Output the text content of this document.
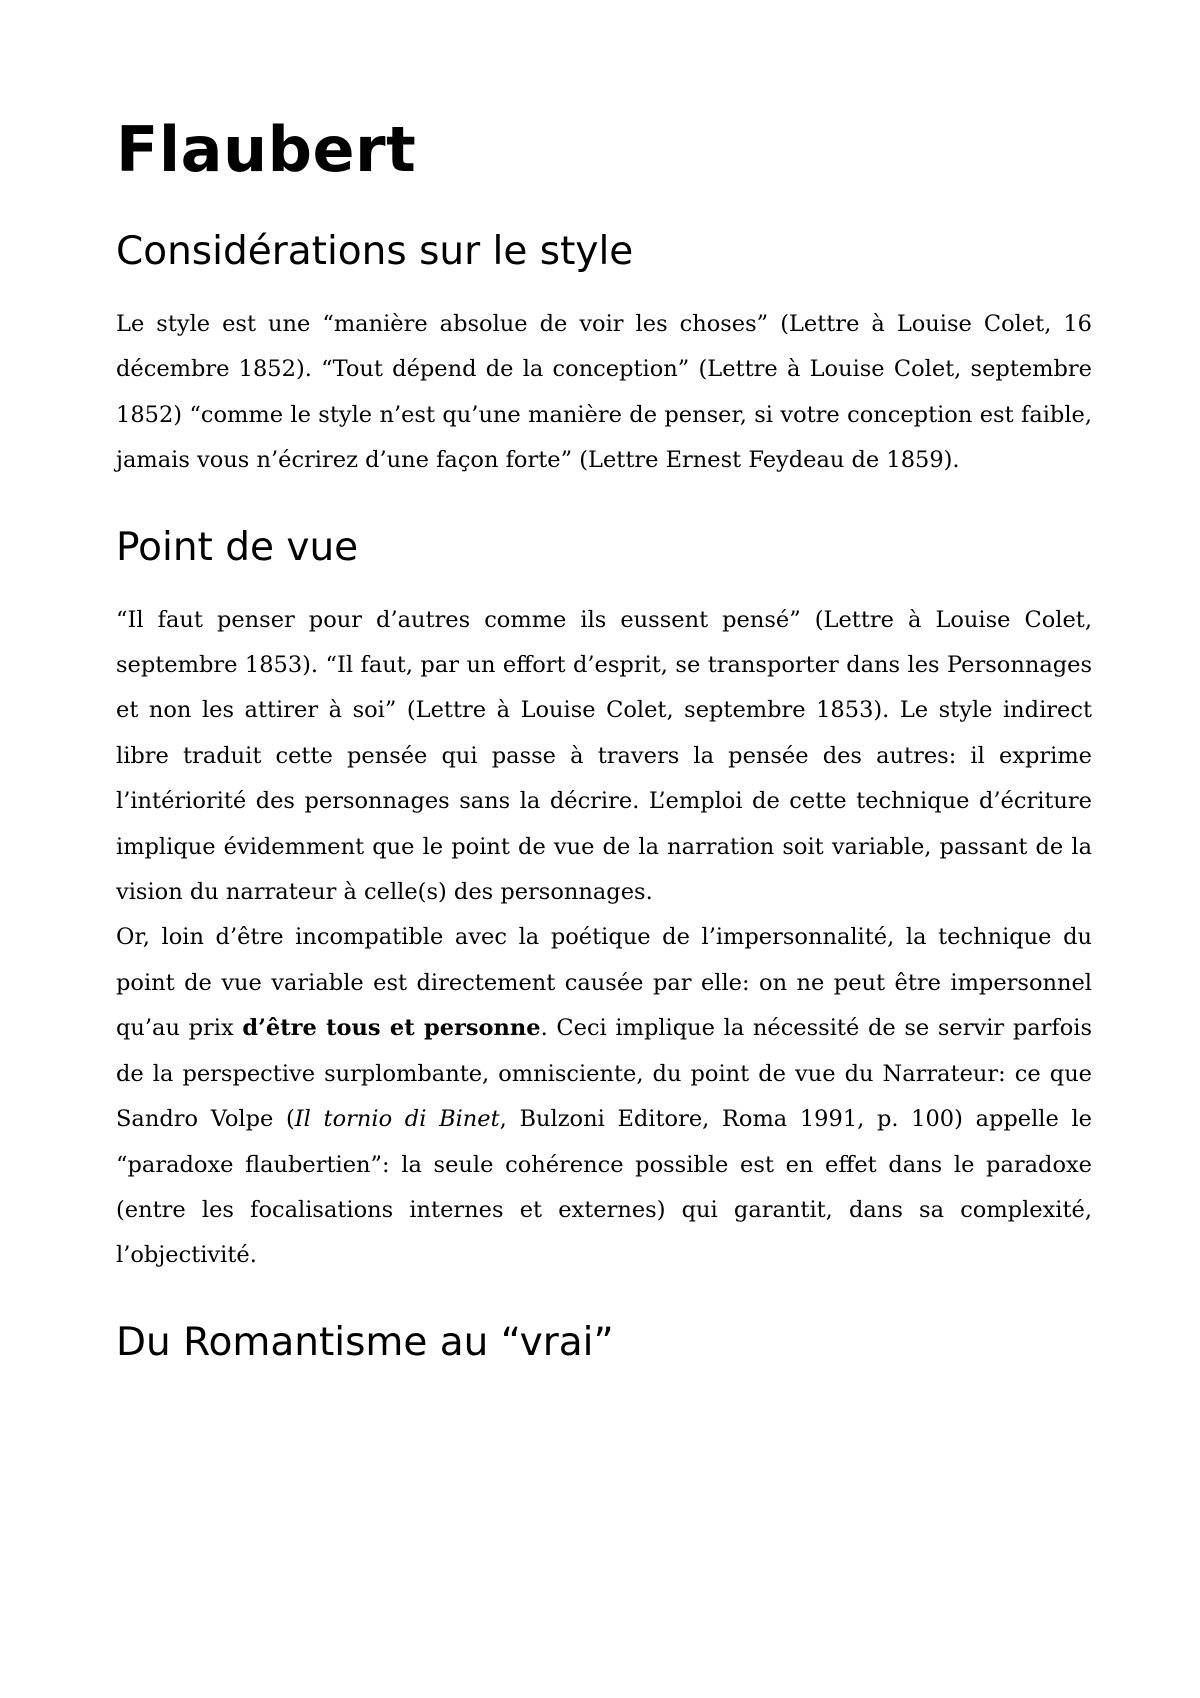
Flaubert
Considérations sur le style

Le style est une “manière absolue de voir les choses” (Lettre à Louise Colet, 16 décembre 1852). “Tout dépend de la conception” (Lettre à Louise Colet, septembre 1852) “comme le style n’est qu’une manière de penser, si votre conception est faible, jamais vous n’écrirez d’une façon forte” (Lettre Ernest Feydeau de 1859).

Point de vue

“Il faut penser pour d’autres comme ils eussent pensé” (Lettre à Louise Colet, septembre 1853). “Il faut, par un effort d’esprit, se transporter dans les Personnages et non les attirer à soi” (Lettre à Louise Colet, septembre 1853). Le style indirect libre traduit cette pensée qui passe à travers la pensée des autres: il exprime l’intériorité des personnages sans la décrire. L’emploi de cette technique d’écriture implique évidemment que le point de vue de la narration soit variable, passant de la vision du narrateur à celle(s) des personnages.

Or, loin d’être incompatible avec la poétique de l’impersonnalité, la technique du point de vue variable est directement causée par elle: on ne peut être impersonnel qu’au prix d’être tous et personne. Ceci implique la nécessité de se servir parfois de la perspective surplombante, omnisciente, du point de vue du Narrateur: ce que Sandro Volpe (Il tornio di Binet, Bulzoni Editore, Roma 1991, p. 100) appelle le “paradoxe flaubertien”: la seule cohérence possible est en effet dans le paradoxe (entre les focalisations internes et externes) qui garantit, dans sa complexité, l’objectivité.

Du Romantisme au “vrai”
